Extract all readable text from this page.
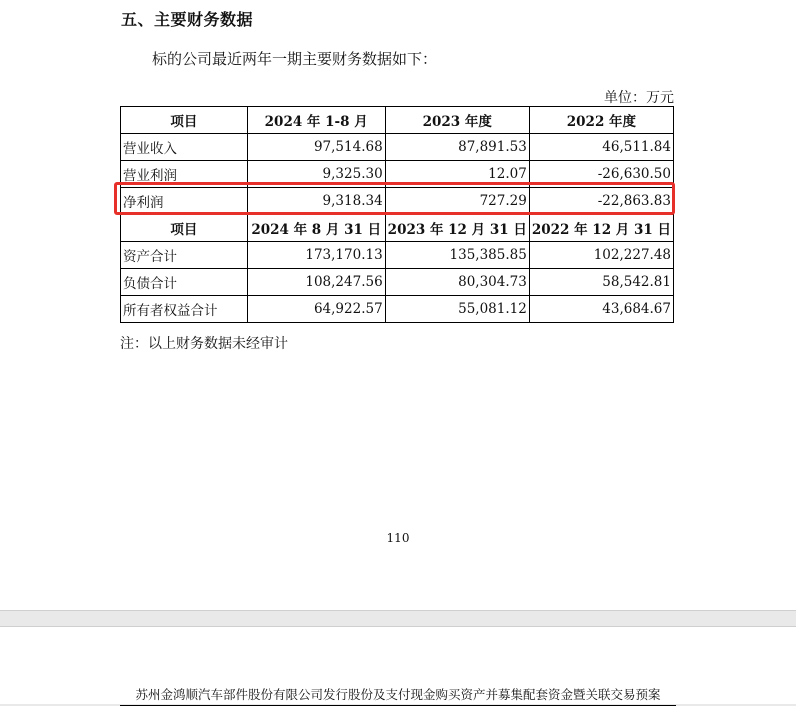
五、主要财务数据
标的公司最近两年一期主要财务数据如下：
单位：万元
项目	2024 年 1-8 月	2023 年度	2022 年度
营业收入	97,514.68	87,891.53	46,511.84
营业利润	9,325.30	12.07	-26,630.50
净利润	9,318.34	727.29	-22,863.83
项目	2024 年 8 月 31 日	2023 年 12 月 31 日	2022 年 12 月 31 日
资产合计	173,170.13	135,385.85	102,227.48
负债合计	108,247.56	80,304.73	58,542.81
所有者权益合计	64,922.57	55,081.12	43,684.67
注：以上财务数据未经审计
110
苏州金鸿顺汽车部件股份有限公司发行股份及支付现金购买资产并募集配套资金暨关联交易预案
